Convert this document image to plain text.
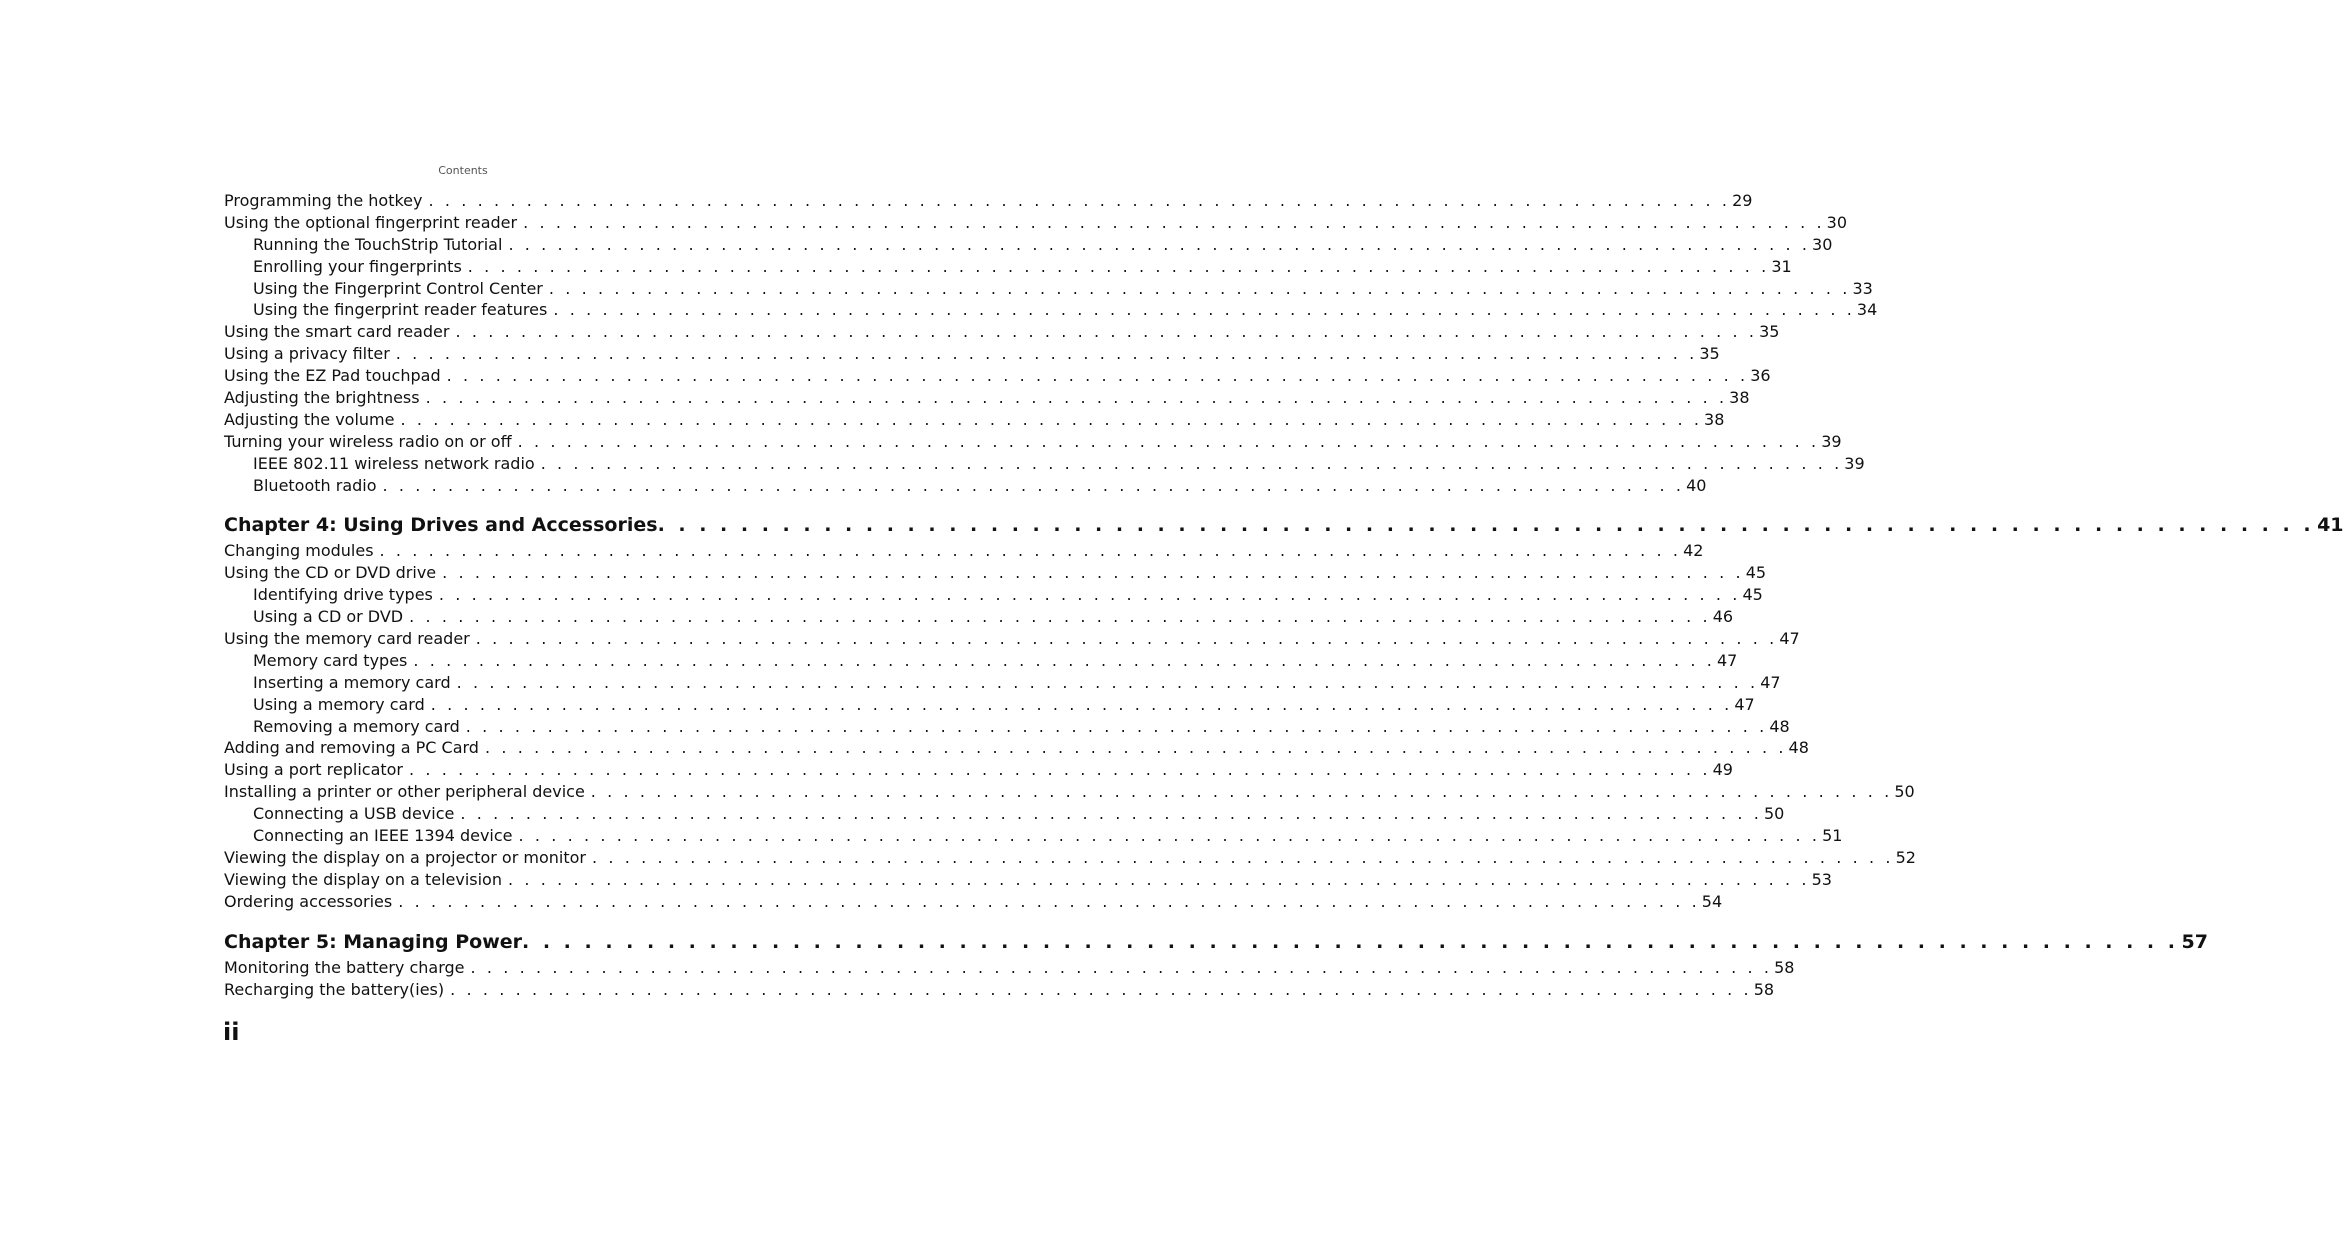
Contents
Programming the hotkey . . . . . . . . . . . . . . . . . . . . . . . . . . . . . . . . . . . . . . . . . . . . . . . . . . . . . . . . . . . . . . . . . . . . . . . . . . . . . . . . 29
Using the optional fingerprint reader . . . . . . . . . . . . . . . . . . . . . . . . . . . . . . . . . . . . . . . . . . . . . . . . . . . . . . . . . . . . . . . . . . . . . . . . . . . . . . . . 30
Running the TouchStrip Tutorial . . . . . . . . . . . . . . . . . . . . . . . . . . . . . . . . . . . . . . . . . . . . . . . . . . . . . . . . . . . . . . . . . . . . . . . . . . . . . . . . 30
Enrolling your fingerprints . . . . . . . . . . . . . . . . . . . . . . . . . . . . . . . . . . . . . . . . . . . . . . . . . . . . . . . . . . . . . . . . . . . . . . . . . . . . . . . . 31
Using the Fingerprint Control Center . . . . . . . . . . . . . . . . . . . . . . . . . . . . . . . . . . . . . . . . . . . . . . . . . . . . . . . . . . . . . . . . . . . . . . . . . . . . . . . . 33
Using the fingerprint reader features . . . . . . . . . . . . . . . . . . . . . . . . . . . . . . . . . . . . . . . . . . . . . . . . . . . . . . . . . . . . . . . . . . . . . . . . . . . . . . . . 34
Using the smart card reader . . . . . . . . . . . . . . . . . . . . . . . . . . . . . . . . . . . . . . . . . . . . . . . . . . . . . . . . . . . . . . . . . . . . . . . . . . . . . . . . 35
Using a privacy filter . . . . . . . . . . . . . . . . . . . . . . . . . . . . . . . . . . . . . . . . . . . . . . . . . . . . . . . . . . . . . . . . . . . . . . . . . . . . . . . . 35
Using the EZ Pad touchpad . . . . . . . . . . . . . . . . . . . . . . . . . . . . . . . . . . . . . . . . . . . . . . . . . . . . . . . . . . . . . . . . . . . . . . . . . . . . . . . . 36
Adjusting the brightness . . . . . . . . . . . . . . . . . . . . . . . . . . . . . . . . . . . . . . . . . . . . . . . . . . . . . . . . . . . . . . . . . . . . . . . . . . . . . . . . 38
Adjusting the volume . . . . . . . . . . . . . . . . . . . . . . . . . . . . . . . . . . . . . . . . . . . . . . . . . . . . . . . . . . . . . . . . . . . . . . . . . . . . . . . . 38
Turning your wireless radio on or off . . . . . . . . . . . . . . . . . . . . . . . . . . . . . . . . . . . . . . . . . . . . . . . . . . . . . . . . . . . . . . . . . . . . . . . . . . . . . . . . 39
IEEE 802.11 wireless network radio . . . . . . . . . . . . . . . . . . . . . . . . . . . . . . . . . . . . . . . . . . . . . . . . . . . . . . . . . . . . . . . . . . . . . . . . . . . . . . . . 39
Bluetooth radio . . . . . . . . . . . . . . . . . . . . . . . . . . . . . . . . . . . . . . . . . . . . . . . . . . . . . . . . . . . . . . . . . . . . . . . . . . . . . . . . 40
Chapter 4: Using Drives and Accessories . . . . . . . . . . . . . . . . . . . . . . . . . . . . . . . . . . . . . . . . . . . . . . . . . . . . . . . . . . . . . . . . . . . . . . . . . . . . . . . . 41
Changing modules . . . . . . . . . . . . . . . . . . . . . . . . . . . . . . . . . . . . . . . . . . . . . . . . . . . . . . . . . . . . . . . . . . . . . . . . . . . . . . . . 42
Using the CD or DVD drive . . . . . . . . . . . . . . . . . . . . . . . . . . . . . . . . . . . . . . . . . . . . . . . . . . . . . . . . . . . . . . . . . . . . . . . . . . . . . . . . 45
Identifying drive types . . . . . . . . . . . . . . . . . . . . . . . . . . . . . . . . . . . . . . . . . . . . . . . . . . . . . . . . . . . . . . . . . . . . . . . . . . . . . . . . 45
Using a CD or DVD . . . . . . . . . . . . . . . . . . . . . . . . . . . . . . . . . . . . . . . . . . . . . . . . . . . . . . . . . . . . . . . . . . . . . . . . . . . . . . . . 46
Using the memory card reader . . . . . . . . . . . . . . . . . . . . . . . . . . . . . . . . . . . . . . . . . . . . . . . . . . . . . . . . . . . . . . . . . . . . . . . . . . . . . . . . 47
Memory card types . . . . . . . . . . . . . . . . . . . . . . . . . . . . . . . . . . . . . . . . . . . . . . . . . . . . . . . . . . . . . . . . . . . . . . . . . . . . . . . . 47
Inserting a memory card . . . . . . . . . . . . . . . . . . . . . . . . . . . . . . . . . . . . . . . . . . . . . . . . . . . . . . . . . . . . . . . . . . . . . . . . . . . . . . . . 47
Using a memory card . . . . . . . . . . . . . . . . . . . . . . . . . . . . . . . . . . . . . . . . . . . . . . . . . . . . . . . . . . . . . . . . . . . . . . . . . . . . . . . . 47
Removing a memory card . . . . . . . . . . . . . . . . . . . . . . . . . . . . . . . . . . . . . . . . . . . . . . . . . . . . . . . . . . . . . . . . . . . . . . . . . . . . . . . . 48
Adding and removing a PC Card . . . . . . . . . . . . . . . . . . . . . . . . . . . . . . . . . . . . . . . . . . . . . . . . . . . . . . . . . . . . . . . . . . . . . . . . . . . . . . . . 48
Using a port replicator . . . . . . . . . . . . . . . . . . . . . . . . . . . . . . . . . . . . . . . . . . . . . . . . . . . . . . . . . . . . . . . . . . . . . . . . . . . . . . . . 49
Installing a printer or other peripheral device . . . . . . . . . . . . . . . . . . . . . . . . . . . . . . . . . . . . . . . . . . . . . . . . . . . . . . . . . . . . . . . . . . . . . . . . . . . . . . . . 50
Connecting a USB device . . . . . . . . . . . . . . . . . . . . . . . . . . . . . . . . . . . . . . . . . . . . . . . . . . . . . . . . . . . . . . . . . . . . . . . . . . . . . . . . 50
Connecting an IEEE 1394 device . . . . . . . . . . . . . . . . . . . . . . . . . . . . . . . . . . . . . . . . . . . . . . . . . . . . . . . . . . . . . . . . . . . . . . . . . . . . . . . . 51
Viewing the display on a projector or monitor . . . . . . . . . . . . . . . . . . . . . . . . . . . . . . . . . . . . . . . . . . . . . . . . . . . . . . . . . . . . . . . . . . . . . . . . . . . . . . . . 52
Viewing the display on a television . . . . . . . . . . . . . . . . . . . . . . . . . . . . . . . . . . . . . . . . . . . . . . . . . . . . . . . . . . . . . . . . . . . . . . . . . . . . . . . . 53
Ordering accessories . . . . . . . . . . . . . . . . . . . . . . . . . . . . . . . . . . . . . . . . . . . . . . . . . . . . . . . . . . . . . . . . . . . . . . . . . . . . . . . . 54
Chapter 5: Managing Power . . . . . . . . . . . . . . . . . . . . . . . . . . . . . . . . . . . . . . . . . . . . . . . . . . . . . . . . . . . . . . . . . . . . . . . . . . . . . . . . 57
Monitoring the battery charge . . . . . . . . . . . . . . . . . . . . . . . . . . . . . . . . . . . . . . . . . . . . . . . . . . . . . . . . . . . . . . . . . . . . . . . . . . . . . . . . 58
Recharging the battery(ies) . . . . . . . . . . . . . . . . . . . . . . . . . . . . . . . . . . . . . . . . . . . . . . . . . . . . . . . . . . . . . . . . . . . . . . . . . . . . . . . . 58
ii
